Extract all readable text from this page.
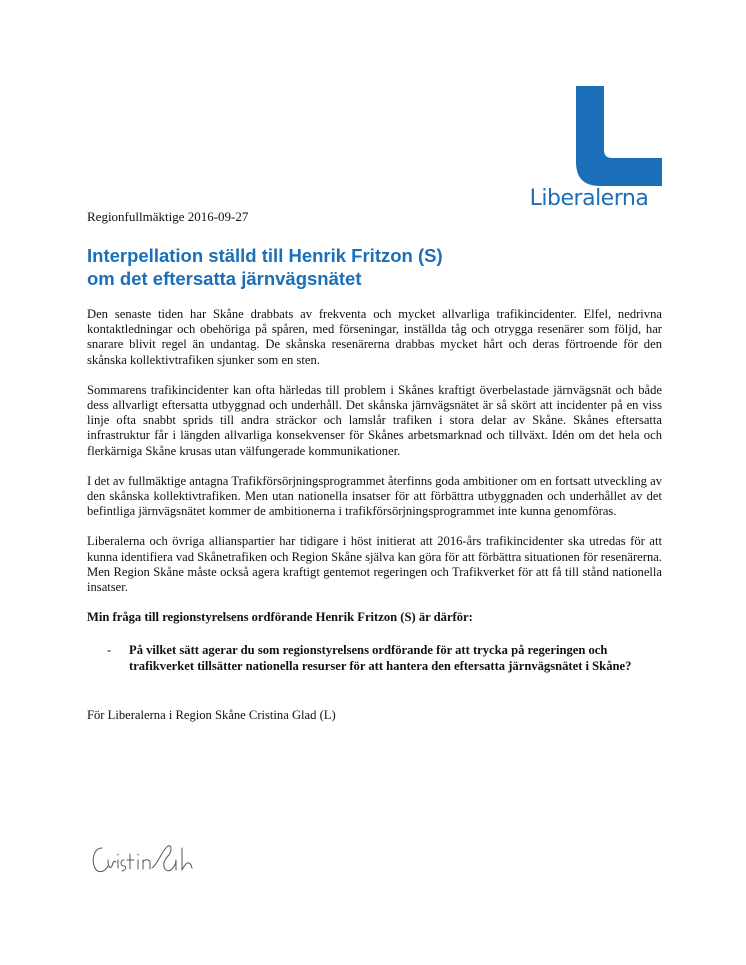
Liberalerna
Regionfullmäktige 2016-09-27
Interpellation ställd till Henrik Fritzon (S)
om det eftersatta järnvägsnätet

Den senaste tiden har Skåne drabbats av frekventa och mycket allvarliga trafikincidenter. Elfel, nedrivna kontaktledningar och obehöriga på spåren, med förseningar, inställda tåg och otrygga resenärer som följd, har snarare blivit regel än undantag. De skånska resenärerna drabbas mycket hårt och deras förtroende för den skånska kollektivtrafiken sjunker som en sten.

Sommarens trafikincidenter kan ofta härledas till problem i Skånes kraftigt överbelastade järnvägsnät och både dess allvarligt eftersatta utbyggnad och underhåll. Det skånska järnvägsnätet är så skört att incidenter på en viss linje ofta snabbt sprids till andra sträckor och lamslår trafiken i stora delar av Skåne. Skånes eftersatta infrastruktur får i längden allvarliga konsekvenser för Skånes arbetsmarknad och tillväxt. Idén om det hela och flerkärniga Skåne krusas utan välfungerade kommunikationer.

I det av fullmäktige antagna Trafikförsörjningsprogrammet återfinns goda ambitioner om en fortsatt utveckling av den skånska kollektivtrafiken. Men utan nationella insatser för att förbättra utbyggnaden och underhållet av det befintliga järnvägsnätet kommer de ambitionerna i trafikförsörjningsprogrammet inte kunna genomföras.

Liberalerna och övriga allianspartier har tidigare i höst initierat att 2016-års trafikincidenter ska utredas för att kunna identifiera vad Skånetrafiken och Region Skåne själva kan göra för att förbättra situationen för resenärerna. Men Region Skåne måste också agera kraftigt gentemot regeringen och Trafikverket för att få till stånd nationella insatser.

Min fråga till regionstyrelsens ordförande Henrik Fritzon (S) är därför:

- På vilket sätt agerar du som regionstyrelsens ordförande för att trycka på regeringen och trafikverket tillsätter nationella resurser för att hantera den eftersatta järnvägsnätet i Skåne?
För Liberalerna i Region Skåne Cristina Glad (L)
